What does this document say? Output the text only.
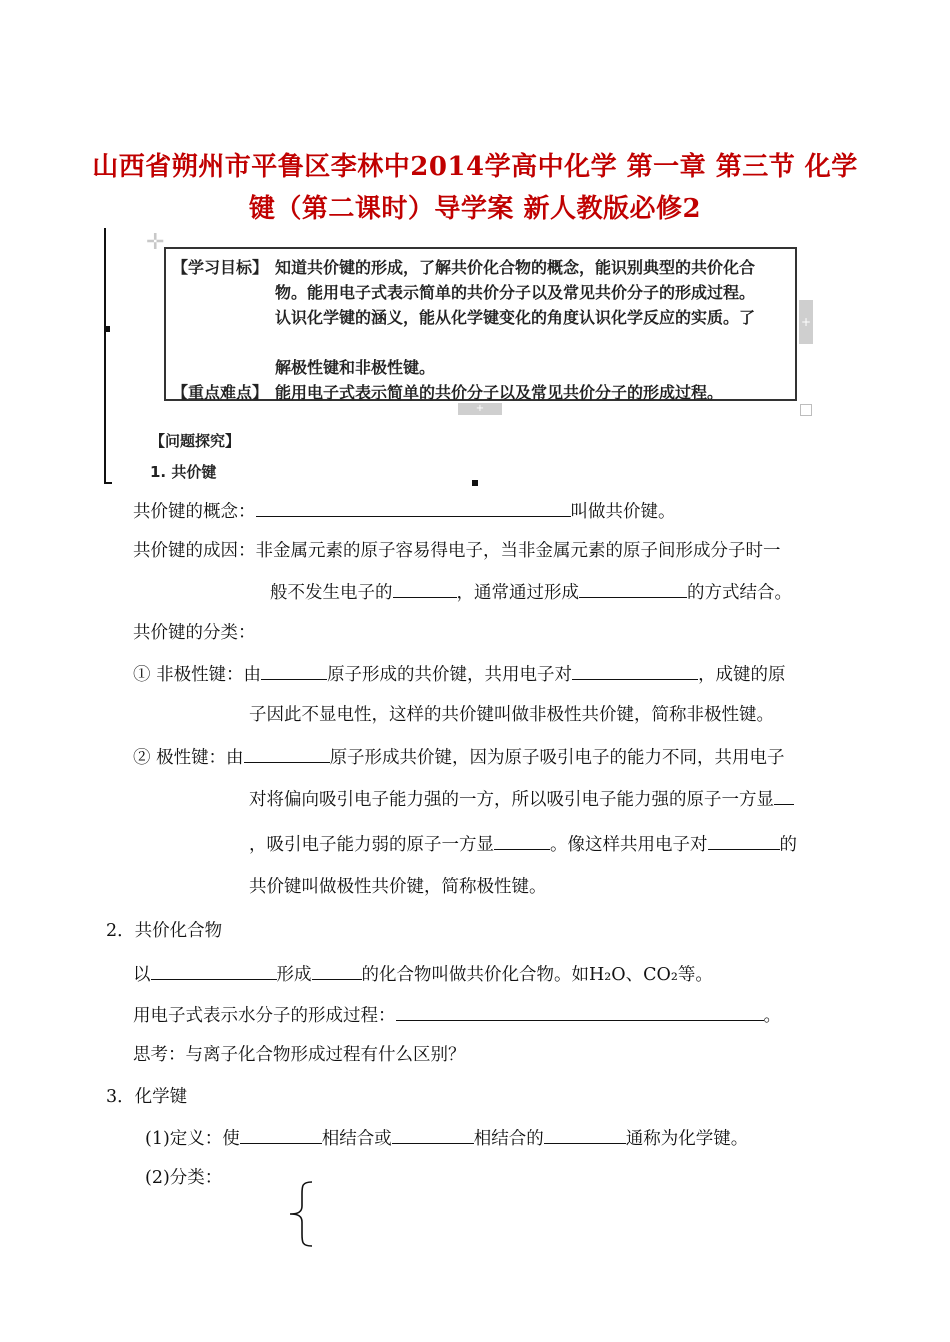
山西省朔州市平鲁区李林中2014学高中化学 第一章 第三节 化学
键（第二课时）导学案 新人教版必修2
✛
【学习目标】 知道共价键的形成，了解共价化合物的概念，能识别典型的共价化合
物。能用电子式表示简单的共价分子以及常见共价分子的形成过程。
认识化学键的涵义，能从化学键变化的角度认识化学反应的实质。了
解极性键和非极性键。
【重点难点】 能用电子式表示简单的共价分子以及常见共价分子的形成过程。
+
+
【问题探究】
1. 共价键
共价键的概念：	叫做共价键。
共价键的成因：非金属元素的原子容易得电子，当非金属元素的原子间形成分子时一
般不发生电子的	，通常通过形成	的方式结合。
共价键的分类：
① 非极性键：由	原子形成的共价键，共用电子对	，成键的原
子因此不显电性，这样的共价键叫做非极性共价键，简称非极性键。
② 极性键：由	原子形成共价键，因为原子吸引电子的能力不同，共用电子
对将偏向吸引电子能力强的一方，所以吸引电子能力强的原子一方显
，吸引电子能力弱的原子一方显	。像这样共用电子对	的
共价键叫做极性共价键，简称极性键。
2．共价化合物
以	形成	的化合物叫做共价化合物。如H₂O、CO₂等。
用电子式表示水分子的形成过程：	。
思考：与离子化合物形成过程有什么区别？
3．化学键
(1)定义：使	相结合或	相结合的	通称为化学键。
(2)分类：
